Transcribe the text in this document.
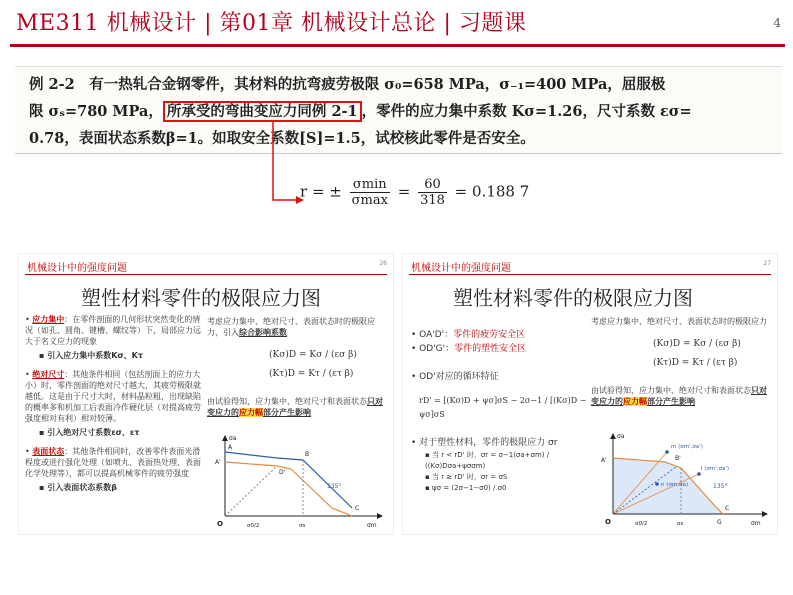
ME311 机械设计 | 第01章 机械设计总论 | 习题课	4
例 2-2　有一热轧合金钢零件，其材料的抗弯疲劳极限 σ₀=658 MPa，σ₋₁=400 MPa，屈服极
限 σₛ=780 MPa， 所承受的弯曲变应力同例 2-1 ，零件的应力集中系数 Kσ=1.26，尺寸系数 εσ=
0.78，表面状态系数β=1。如取安全系数[S]=1.5，试校核此零件是否安全。
r = ± $\frac{\sigma\min}{\sigma\max} = \frac{60}{318} = 0.188$ 7
机械设计中的强度问题	26
塑性材料零件的极限应力图
• 应力集中：在零件剖面的几何形状突然变化的情况（如孔、圆角、键槽、螺纹等）下，局部应力远大于名义应力的现象
▪ 引入应力集中系数Kσ、Kτ
• 绝对尺寸：其他条件相同（包括剖面上的应力大小）时，零件剖面的绝对尺寸越大，其疲劳极限就越低。这是由于尺寸大时，材料晶粒粗，出现缺陷的概率多和机加工后表面冷作硬化层（对提高疲劳强度相对有利）相对较薄。
▪ 引入绝对尺寸系数εσ、ετ
• 表面状态：其他条件相同时，改善零件表面光滑程度或进行强化处理（如喷丸、表面热处理、表面化学处理等），都可以提高机械零件的疲劳强度
▪ 引入表面状态系数β
考虑应力集中、绝对尺寸、表面状态时的极限应力，引入综合影响系数
(Kσ)D = Kσ / (εσ β)
(Kτ)D = Kτ / (ετ β)
由试验得知，应力集中、绝对尺寸和表面状态只对变应力的应力幅部分产生影响
A
A'
B
D'
135°
C
O
σa
σm
σ0/2	σs
机械设计中的强度问题	27
塑性材料零件的极限应力图
• OA'D'：零件的疲劳安全区
• OD'G'：零件的塑性安全区
• OD'对应的循环特征
rD' = [(Kσ)D + ψσ]σS − 2σ−1 / [(Kσ)D − ψσ]σS
• 对于塑性材料，零件的极限应力 σr
▪ 当 r < rD' 时，σr = σ−1(σa+σm) / ((Kσ)Dσa+ψσσm)
▪ 当 r ≥ rD' 时，σr = σS
▪ ψσ = (2σ−1−σ0) / σ0
考虑应力集中、绝对尺寸、表面状态时的极限应力
(Kσ)D = Kσ / (εσ β)
(Kτ)D = Kτ / (ετ β)
由试验得知，应力集中、绝对尺寸和表面状态只对变应力的应力幅部分产生影响
A'	B'
m (σm',σa')
n (σm,σa)
l (σm',σa')
135°
C
G
O
σa
σm
σ0/2	σs
